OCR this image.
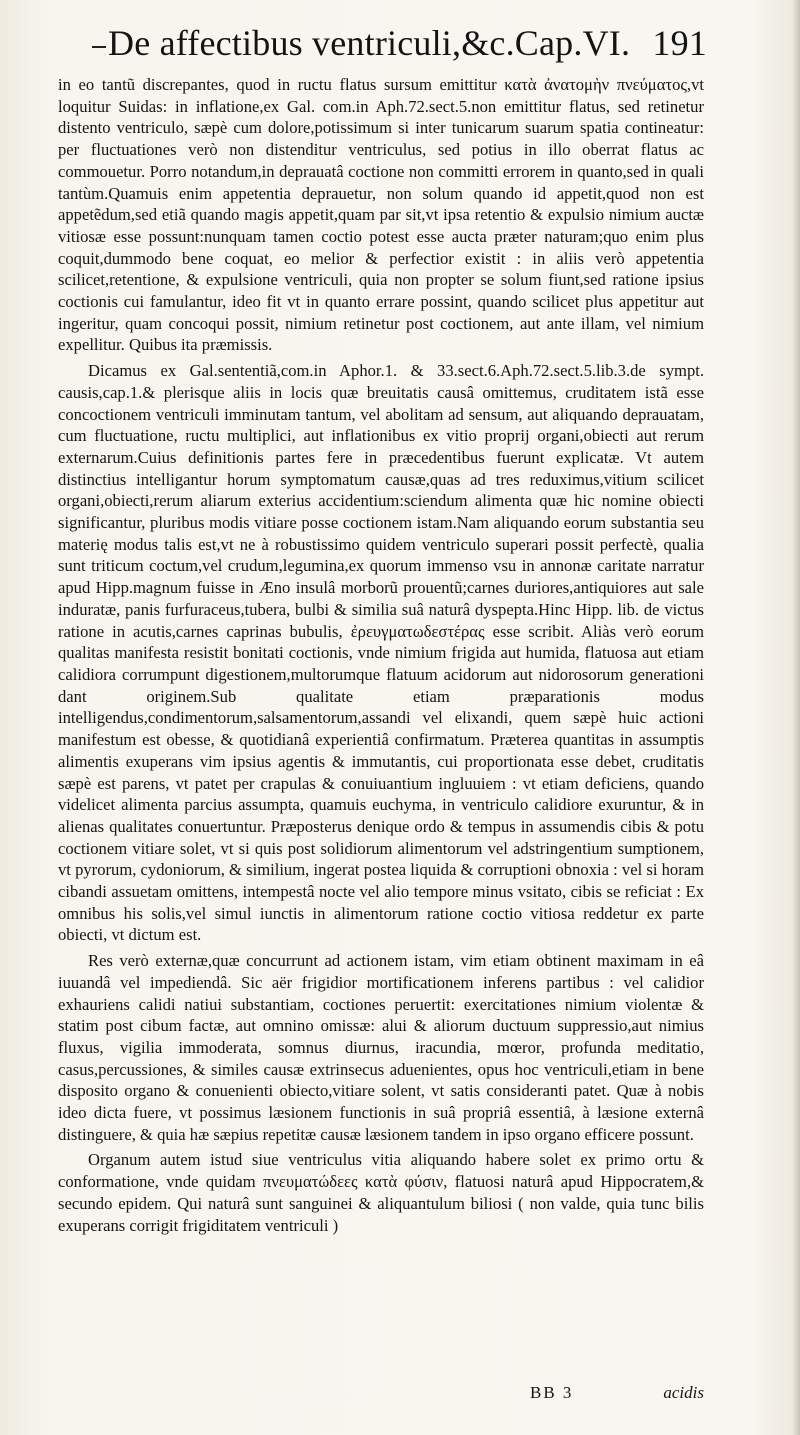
De affectibus ventriculi,&c.Cap.VI. 191

in eo tantũ discrepantes, quod in ructu flatus sursum emittitur κατὰ ἀνατομὴν πνεύματος,vt loquitur Suidas: in inflatione,ex Gal. com.in Aph.72.sect.5.non emittitur flatus, sed retinetur distento ventriculo, sæpè cum dolore,potissimum si inter tunicarum suarum spatia contineatur: per fluctuationes verò non distenditur ventriculus, sed potius in illo oberrat flatus ac commouetur. Porro notandum,in deprauatâ coctione non committi errorem in quanto,sed in quali tantùm.Quamuis enim appetentia deprauetur, non solum quando id appetit,quod non est appetẽdum,sed etiã quando magis appetit,quam par sit,vt ipsa retentio & expulsio nimium auctæ vitiosæ esse possunt:nunquam tamen coctio potest esse aucta præter naturam;quo enim plus coquit,dummodo bene coquat, eo melior & perfectior existit : in aliis verò appetentia scilicet,retentione, & expulsione ventriculi, quia non propter se solum fiunt,sed ratione ipsius coctionis cui famulantur, ideo fit vt in quanto errare possint, quando scilicet plus appetitur aut ingeritur, quam concoqui possit, nimium retinetur post coctionem, aut ante illam, vel nimium expellitur. Quibus ita præmissis.

Dicamus ex Gal.sententiã,com.in Aphor.1. & 33.sect.6.Aph.72.sect.5.lib.3.de sympt. causis,cap.1.& plerisque aliis in locis quæ breuitatis causâ omittemus, cruditatem istã esse concoctionem ventriculi imminutam tantum, vel abolitam ad sensum, aut aliquando deprauatam, cum fluctuatione, ructu multiplici, aut inflationibus ex vitio proprij organi,obiecti aut rerum externarum.Cuius definitionis partes fere in præcedentibus fuerunt explicatæ. Vt autem distinctius intelligantur horum symptomatum causæ,quas ad tres reduximus,vitium scilicet organi,obiecti,rerum aliarum exterius accidentium:sciendum alimenta quæ hic nomine obiecti significantur, pluribus modis vitiare posse coctionem istam.Nam aliquando eorum substantia seu materię modus talis est,vt ne à robustissimo quidem ventriculo superari possit perfectè, qualia sunt triticum coctum,vel crudum,legumina,ex quorum immenso vsu in annonæ caritate narratur apud Hipp.magnum fuisse in Æno insulâ morborũ prouentũ;carnes duriores,antiquiores aut sale induratæ, panis furfuraceus,tubera, bulbi & similia suâ naturâ dyspepta.Hinc Hipp. lib. de victus ratione in acutis,carnes caprinas bubulis, ἐρευγματωδεστέρας esse scribit. Aliàs verò eorum qualitas manifesta resistit bonitati coctionis, vnde nimium frigida aut humida, flatuosa aut etiam calidiora corrumpunt digestionem,multorumque flatuum acidorum aut nidorosorum generationi dant originem.Sub qualitate etiam præparationis modus intelligendus,condimentorum,salsamentorum,assandi vel elixandi, quem sæpè huic actioni manifestum est obesse, & quotidianâ experientiâ confirmatum. Præterea quantitas in assumptis alimentis exuperans vim ipsius agentis & immutantis, cui proportionata esse debet, cruditatis sæpè est parens, vt patet per crapulas & conuiuantium ingluuiem : vt etiam deficiens, quando videlicet alimenta parcius assumpta, quamuis euchyma, in ventriculo calidiore exuruntur, & in alienas qualitates conuertuntur. Præposterus denique ordo & tempus in assumendis cibis & potu coctionem vitiare solet, vt si quis post solidiorum alimentorum vel adstringentium sumptionem, vt pyrorum, cydoniorum, & similium, ingerat postea liquida & corruptioni obnoxia : vel si horam cibandi assuetam omittens, intempestâ nocte vel alio tempore minus vsitato, cibis se reficiat : Ex omnibus his solis,vel simul iunctis in alimentorum ratione coctio vitiosa reddetur ex parte obiecti, vt dictum est.

Res verò externæ,quæ concurrunt ad actionem istam, vim etiam obtinent maximam in eâ iuuandâ vel impediendâ. Sic aër frigidior mortificationem inferens partibus : vel calidior exhauriens calidi natiui substantiam, coctiones peruertit: exercitationes nimium violentæ & statim post cibum factæ, aut omnino omissæ: alui & aliorum ductuum suppressio,aut nimius fluxus, vigilia immoderata, somnus diurnus, iracundia, mœror, profunda meditatio, casus,percussiones, & similes causæ extrinsecus aduenientes, opus hoc ventriculi,etiam in bene disposito organo & conuenienti obiecto,vitiare solent, vt satis consideranti patet. Quæ à nobis ideo dicta fuere, vt possimus læsionem functionis in suâ propriâ essentiâ, à læsione externâ distinguere, & quia hæ sæpius repetitæ causæ læsionem tandem in ipso organo efficere possunt.

Organum autem istud siue ventriculus vitia aliquando habere solet ex primo ortu & conformatione, vnde quidam πνευματώδεες κατὰ φύσιν, flatuosi naturâ apud Hippocratem,& secundo epidem. Qui naturâ sunt sanguinei & aliquantulum biliosi ( non valde, quia tunc bilis exuperans corrigit frigiditatem ventriculi )

BB 3	acidis
